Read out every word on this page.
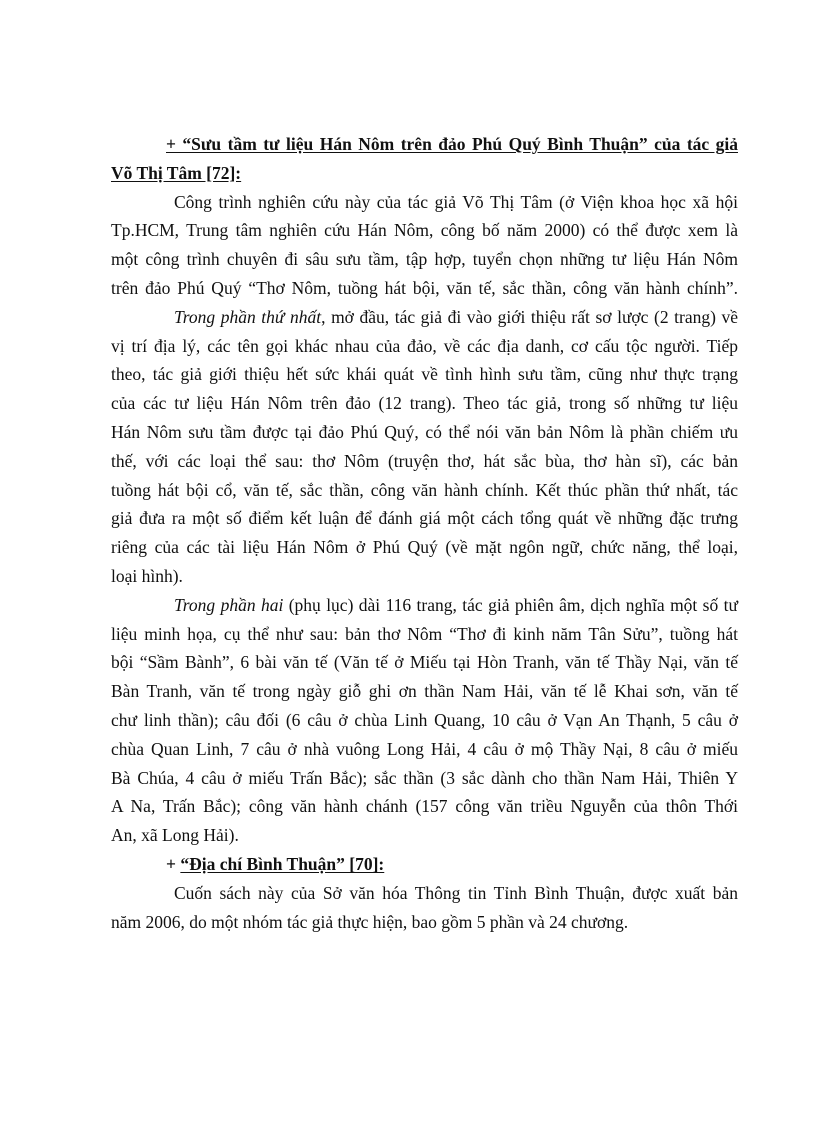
+ “Sưu tầm tư liệu Hán Nôm trên đảo Phú Quý Bình Thuận” của tác giả
Võ Thị Tâm [72]:
Công trình nghiên cứu này của tác giả Võ Thị Tâm (ở Viện khoa học xã hội
Tp.HCM, Trung tâm nghiên cứu Hán Nôm, công bố năm 2000) có thể được xem là
một công trình chuyên đi sâu sưu tầm, tập hợp, tuyển chọn những tư liệu Hán Nôm
trên đảo Phú Quý “Thơ Nôm, tuồng hát bội, văn tế, sắc thần, công văn hành chính”.
Trong phần thứ nhất, mở đầu, tác giả đi vào giới thiệu rất sơ lược (2 trang) về
vị trí địa lý, các tên gọi khác nhau của đảo, về các địa danh, cơ cấu tộc người. Tiếp
theo, tác giả giới thiệu hết sức khái quát về tình hình sưu tầm, cũng như thực trạng
của các tư liệu Hán Nôm trên đảo (12 trang). Theo tác giả, trong số những tư liệu
Hán Nôm sưu tầm được tại đảo Phú Quý, có thể nói văn bản Nôm là phần chiếm ưu
thế, với các loại thể sau: thơ Nôm (truyện thơ, hát sắc bùa, thơ hàn sĩ), các bản
tuồng hát bội cổ, văn tế, sắc thần, công văn hành chính. Kết thúc phần thứ nhất, tác
giả đưa ra một số điểm kết luận để đánh giá một cách tổng quát về những đặc trưng
riêng của các tài liệu Hán Nôm ở Phú Quý (về mặt ngôn ngữ, chức năng, thể loại,
loại hình).
Trong phần hai (phụ lục) dài 116 trang, tác giả phiên âm, dịch nghĩa một số tư
liệu minh họa, cụ thể như sau: bản thơ Nôm “Thơ đi kinh năm Tân Sửu”, tuồng hát
bội “Sầm Bành”, 6 bài văn tế (Văn tế ở Miếu tại Hòn Tranh, văn tế Thầy Nại, văn tế
Bàn Tranh, văn tế trong ngày giỗ ghi ơn thần Nam Hải, văn tế lễ Khai sơn, văn tế
chư linh thần); câu đối (6 câu ở chùa Linh Quang, 10 câu ở Vạn An Thạnh, 5 câu ở
chùa Quan Linh, 7 câu ở nhà vuông Long Hải, 4 câu ở mộ Thầy Nại, 8 câu ở miếu
Bà Chúa, 4 câu ở miếu Trấn Bắc); sắc thần (3 sắc dành cho thần Nam Hải, Thiên Y
A Na, Trấn Bắc); công văn hành chánh (157 công văn triều Nguyễn của thôn Thới
An, xã Long Hải).
+ “Địa chí Bình Thuận” [70]:
Cuốn sách này của Sở văn hóa Thông tin Tỉnh Bình Thuận, được xuất bản
năm 2006, do một nhóm tác giả thực hiện, bao gồm 5 phần và 24 chương.
